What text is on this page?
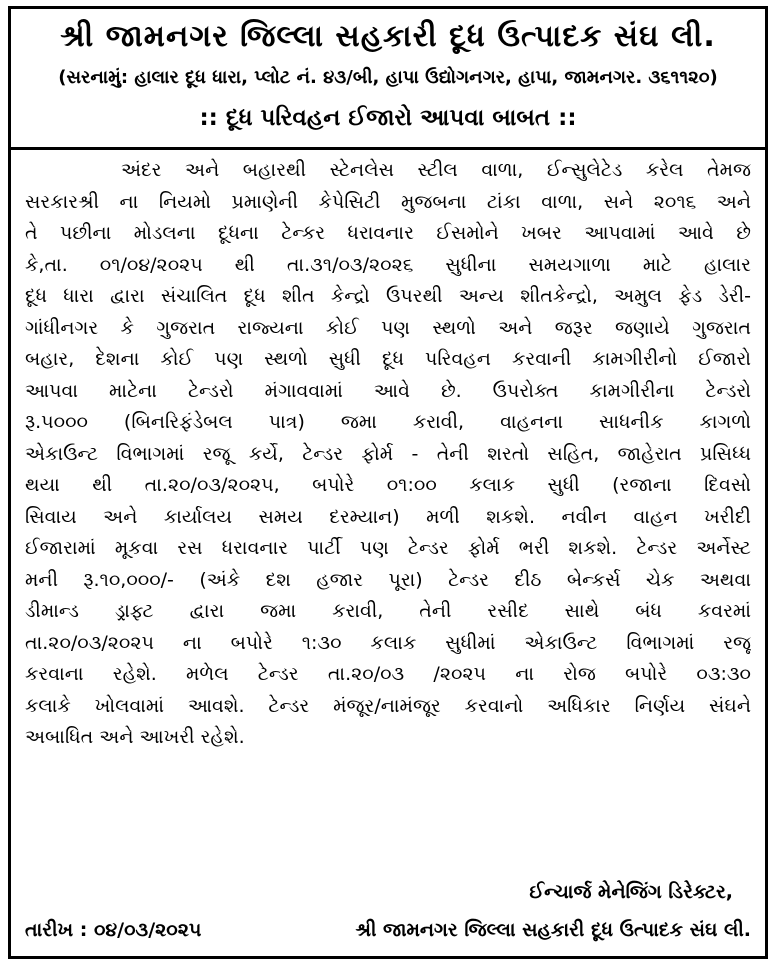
શ્રી જામનગર જિલ્લા સહકારી દૂધ ઉત્પાદક સંઘ લી.
(સરનામું: હાલાર દૂધ ધારા, પ્લોટ નં. ૪૩/બી, હાપા ઉદ્યોગનગર, હાપા, જામનગર. ૩૬૧૧૨૦)
:: દૂધ પરિવહન ઈજારો આપવા બાબત ::
અંદર અને બહારથી સ્ટેનલેસ સ્ટીલ વાળા, ઈન્સુલેટેડ કરેલ તેમજ
સરકારશ્રી ના નિયમો પ્રમાણેની કેપેસિટી મુજબના ટાંકા વાળા, સને ૨૦૧૬ અને
તે પછીના મોડલના દૂધના ટેન્કર ધરાવનાર ઈસમોને ખબર આપવામાં આવે છે
કે,તા. ૦૧/૦૪/૨૦૨૫ થી તા.૩૧/૦૩/૨૦૨૬ સુધીના સમયગાળા માટે હાલાર
દૂધ ધારા દ્વારા સંચાલિત દૂધ શીત કેન્દ્રો ઉપરથી અન્ય શીતકેન્દ્રો, અમુલ ફેડ ડેરી-
ગાંધીનગર કે ગુજરાત રાજ્યના કોઈ પણ સ્થળો અને જરૂર જણાયે ગુજરાત
બહાર, દેશના કોઈ પણ સ્થળો સુધી દૂધ પરિવહન કરવાની કામગીરીનો ઈજારો
આપવા માટેના ટેન્ડરો મંગાવવામાં આવે છે. ઉપરોક્ત કામગીરીના ટેન્ડરો
રૂ.૫૦૦૦ (બિનરિફંડેબલ પાત્ર) જમા કરાવી, વાહનના સાધનીક કાગળો
એકાઉન્ટ વિભાગમાં રજૂ કર્યે, ટેન્ડર ફોર્મ - તેની શરતો સહિત, જાહેરાત પ્રસિધ્ધ
થયા થી તા.૨૦/૦૩/૨૦૨૫, બપોરે ૦૧:૦૦ કલાક સુધી (રજાના દિવસો
સિવાય અને કાર્યાલય સમય દરમ્યાન) મળી શકશે. નવીન વાહન ખરીદી
ઈજારામાં મૂકવા રસ ધરાવનાર પાર્ટી પણ ટેન્ડર ફોર્મ ભરી શકશે. ટેન્ડર અર્નેસ્ટ
મની રૂ.૧૦,૦૦૦/- (અંકે દશ હજાર પૂરા) ટેન્ડર દીઠ બેન્કર્સ ચેક અથવા
ડીમાન્ડ ડ્રાફ્ટ દ્વારા જમા કરાવી, તેની રસીદ સાથે બંધ કવરમાં
તા.૨૦/૦૩/૨૦૨૫ ના બપોરે ૧:૩૦ કલાક સુધીમાં એકાઉન્ટ વિભાગમાં રજૂ
કરવાના રહેશે. મળેલ ટેન્ડર તા.૨૦/૦૩ /૨૦૨૫ ના રોજ બપોરે ૦૩:૩૦
કલાકે ખોલવામાં આવશે. ટેન્ડર મંજૂર/નામંજૂર કરવાનો અધિકાર નિર્ણય સંઘને
અબાધિત અને આખરી રહેશે.
ઈન્ચાર્જ મેનેજિંગ ડિરેક્ટર,
તારીખ : ૦૪/૦૩/૨૦૨૫	શ્રી જામનગર જિલ્લા સહકારી દૂધ ઉત્પાદક સંઘ લી.
